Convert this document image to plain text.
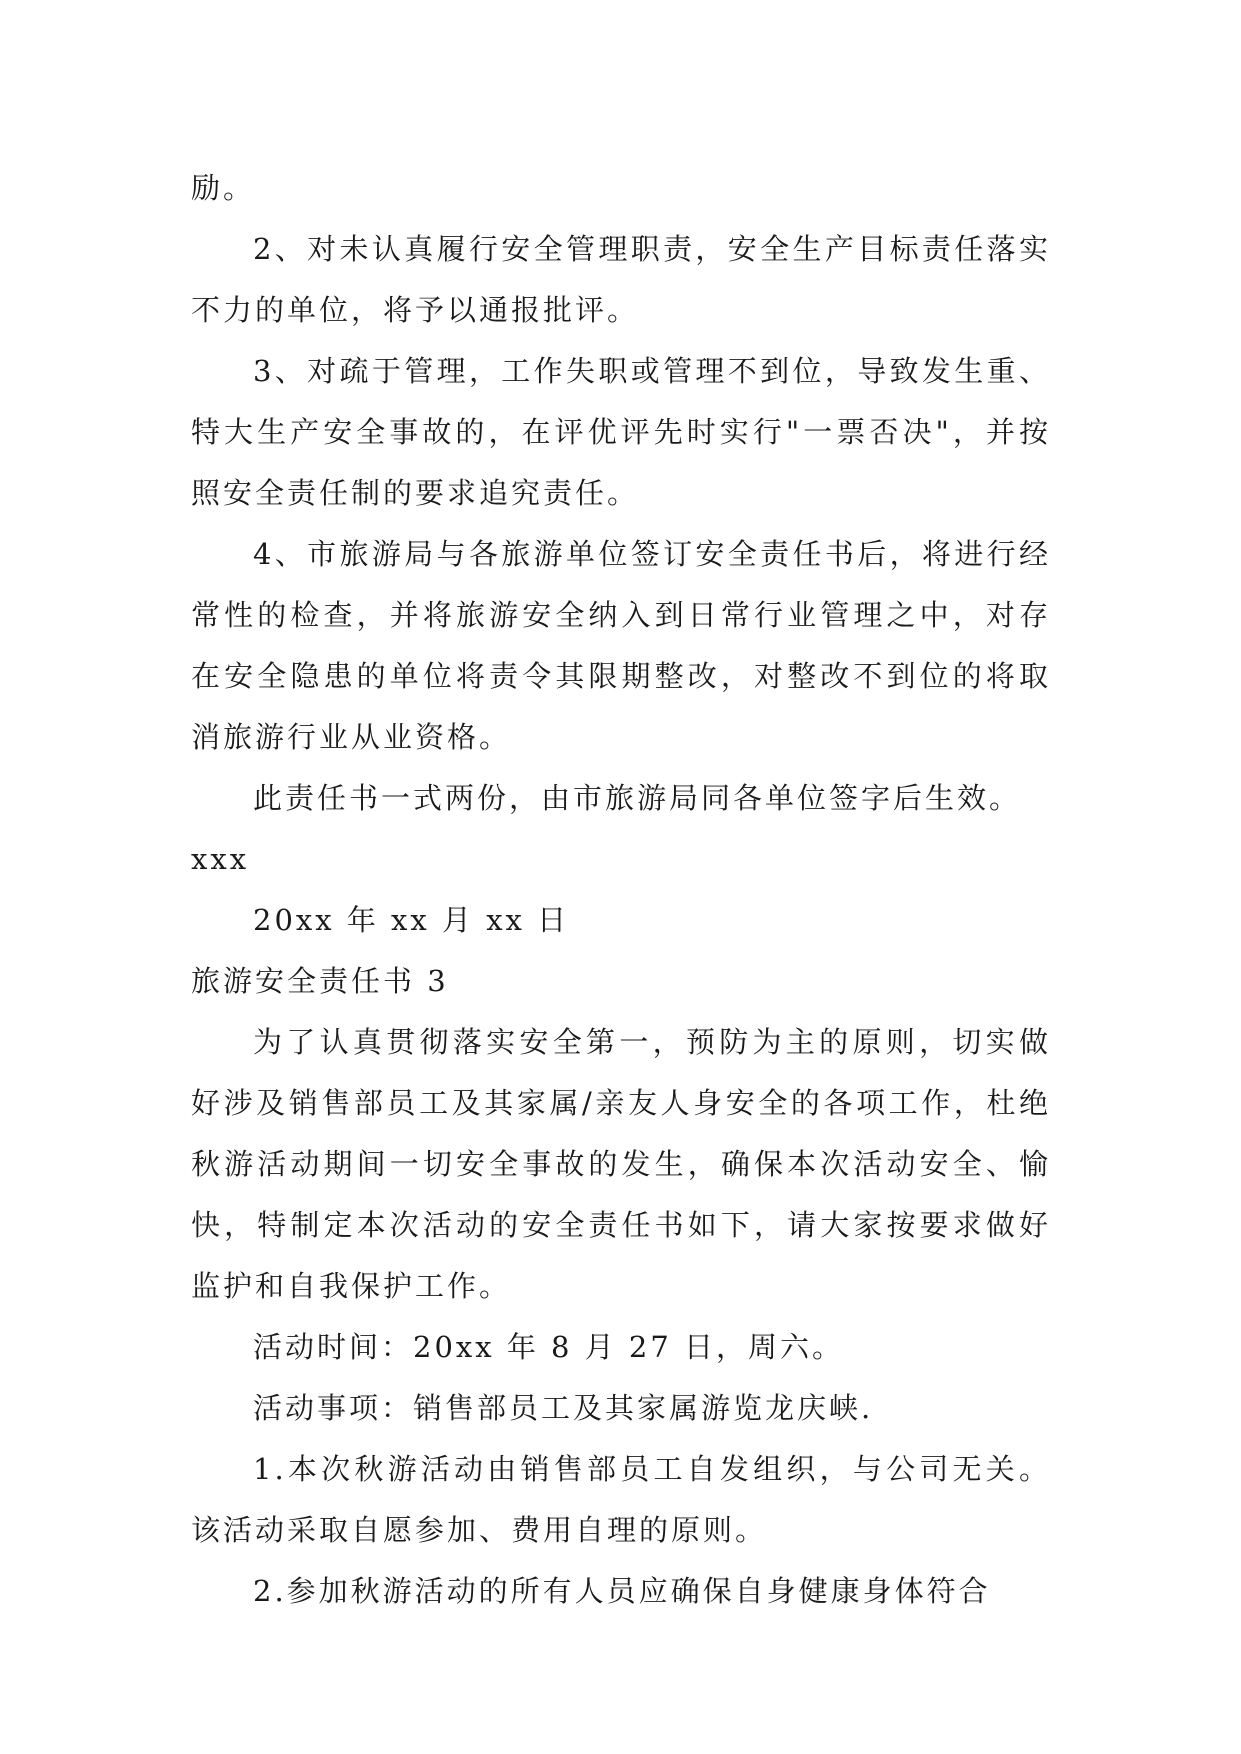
励。

2、对未认真履行安全管理职责，安全生产目标责任落实不力的单位，将予以通报批评。

3、对疏于管理，工作失职或管理不到位，导致发生重、特大生产安全事故的，在评优评先时实行"一票否决"，并按照安全责任制的要求追究责任。

4、市旅游局与各旅游单位签订安全责任书后，将进行经常性的检查，并将旅游安全纳入到日常行业管理之中，对存在安全隐患的单位将责令其限期整改，对整改不到位的将取消旅游行业从业资格。

此责任书一式两份，由市旅游局同各单位签字后生效。

xxx

20xx 年 xx 月 xx 日

旅游安全责任书 3

为了认真贯彻落实安全第一，预防为主的原则，切实做好涉及销售部员工及其家属/亲友人身安全的各项工作，杜绝秋游活动期间一切安全事故的发生，确保本次活动安全、愉快，特制定本次活动的安全责任书如下，请大家按要求做好监护和自我保护工作。

活动时间：20xx 年 8 月 27 日，周六。

活动事项：销售部员工及其家属游览龙庆峡.

1.本次秋游活动由销售部员工自发组织，与公司无关。该活动采取自愿参加、费用自理的原则。

2.参加秋游活动的所有人员应确保自身健康身体符合
